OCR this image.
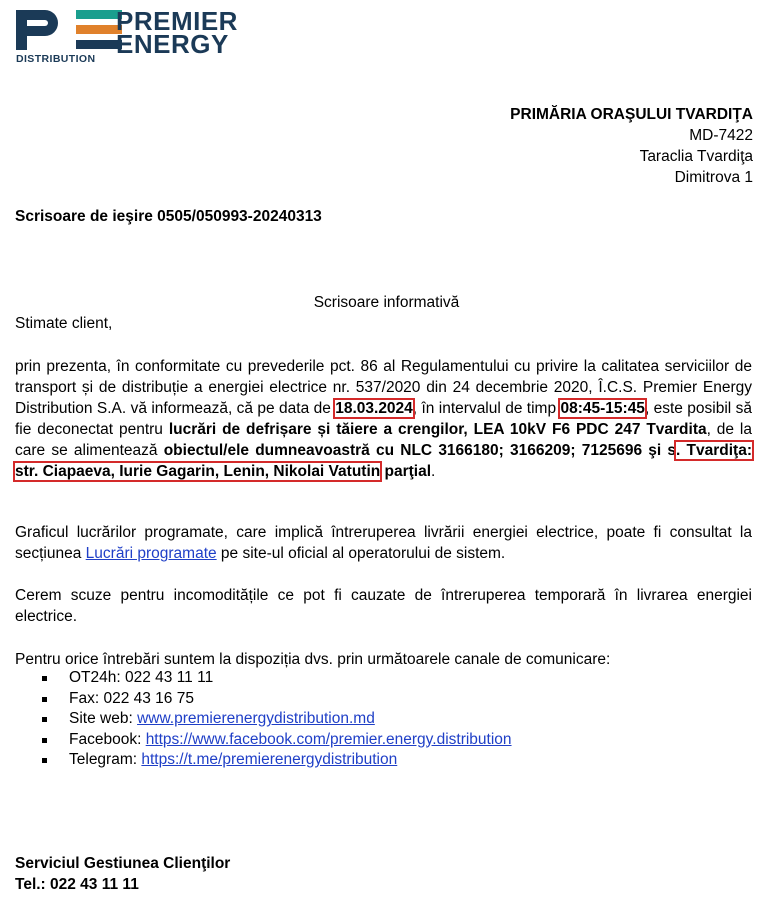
PREMIER
ENERGY
DISTRIBUTION
PRIMĂRIA ORAŞULUI TVARDIŢA
MD-7422
Taraclia Tvardiţa
Dimitrova 1
Scrisoare de ieşire 0505/050993-20240313
Scrisoare informativă
Stimate client,
prin prezenta, în conformitate cu prevederile pct. 86 al Regulamentului cu privire la calitatea serviciilor de transport și de distribuție a energiei electrice nr. 537/2020 din 24 decembrie 2020, Î.C.S. Premier Energy Distribution S.A. vă informează, că pe data de 18.03.2024, în intervalul de timp 08:45-15:45, este posibil să fie deconectat pentru lucrări de defrișare și tăiere a crengilor, LEA 10kV F6 PDC 247 Tvardita, de la care se alimentează obiectul/ele dumneavoastră cu NLC 3166180; 3166209; 7125696 şi s. Tvardiţa: str. Ciapaeva, Iurie Gagarin, Lenin, Nikolai Vatutin parţial.
Graficul lucrărilor programate, care implică întreruperea livrării energiei electrice, poate fi consultat la secțiunea Lucrări programate pe site-ul oficial al operatorului de sistem.
Cerem scuze pentru incomoditățile ce pot fi cauzate de întreruperea temporară în livrarea energiei electrice.
Pentru orice întrebări suntem la dispoziția dvs. prin următoarele canale de comunicare:
OT24h: 022 43 11 11
Fax: 022 43 16 75
Site web: www.premierenergydistribution.md
Facebook: https://www.facebook.com/premier.energy.distribution
Telegram: https://t.me/premierenergydistribution
Serviciul Gestiunea Clienţilor
Tel.: 022 43 11 11
